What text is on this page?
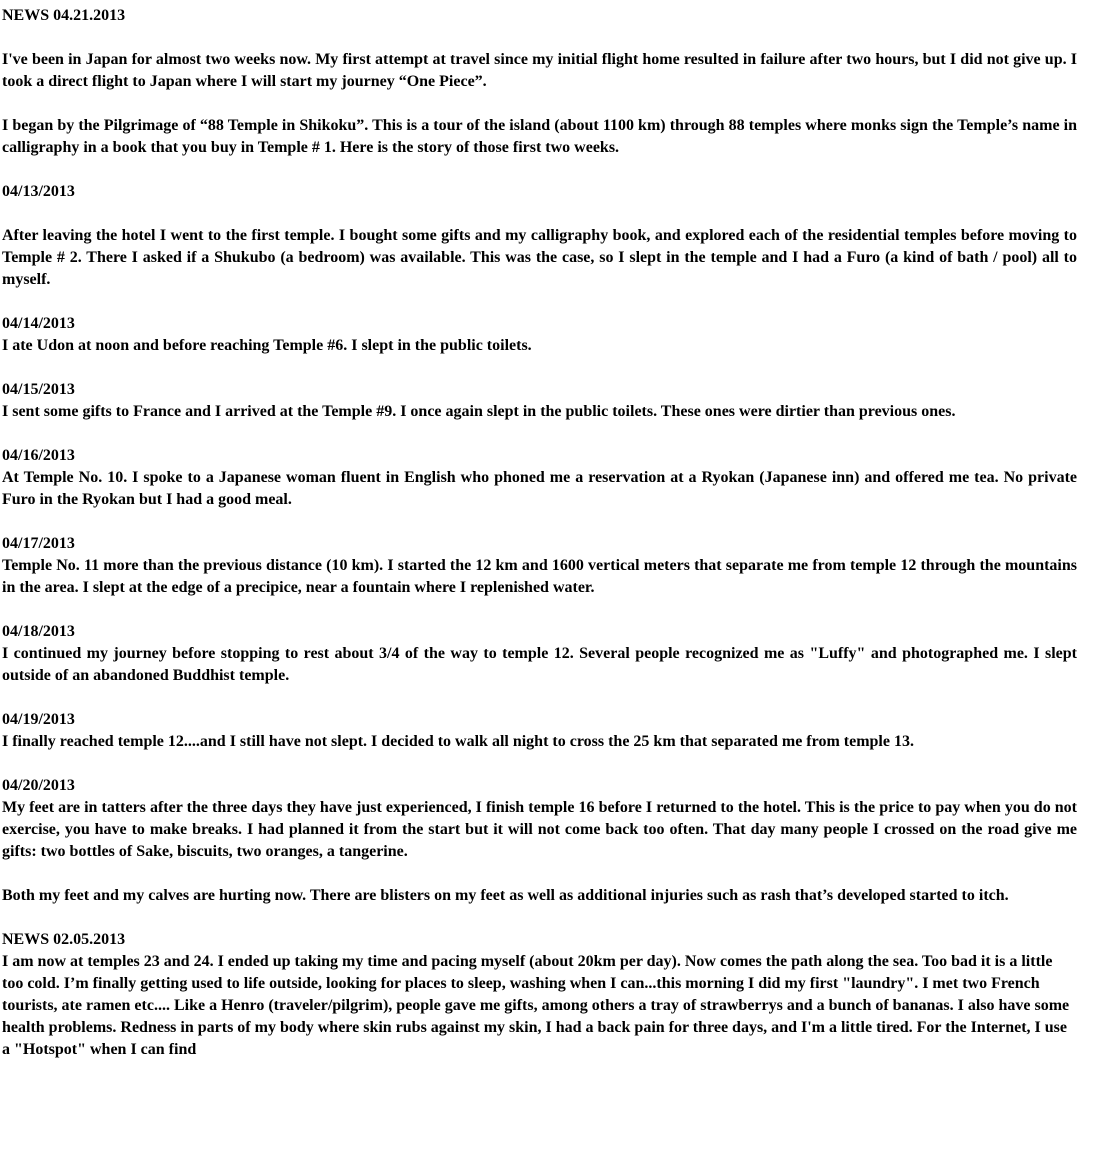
NEWS 04.21.2013
I've been in Japan for almost two weeks now. My first attempt at travel since my initial flight home resulted in failure after two hours, but I did not give up. I took a direct flight to Japan where I will start my journey “One Piece”.
I began by the Pilgrimage of “88 Temple in Shikoku”. This is a tour of the island (about 1100 km) through 88 temples where monks sign the Temple’s name in calligraphy in a book that you buy in Temple # 1. Here is the story of those first two weeks.
04/13/2013
After leaving the hotel I went to the first temple. I bought some gifts and my calligraphy book, and explored each of the residential temples before moving to Temple # 2. There I asked if a Shukubo (a bedroom) was available. This was the case, so I slept in the temple and I had a Furo (a kind of bath / pool) all to myself.
04/14/2013
I ate Udon at noon and before reaching Temple #6. I slept in the public toilets.
04/15/2013
I sent some gifts to France and I arrived at the Temple #9. I once again slept in the public toilets. These ones were dirtier than previous ones.
04/16/2013
At Temple No. 10. I spoke to a Japanese woman fluent in English who phoned me a reservation at a Ryokan (Japanese inn) and offered me tea. No private Furo in the Ryokan but I had a good meal.
04/17/2013
Temple No. 11 more than the previous distance (10 km). I started the 12 km and 1600 vertical meters that separate me from temple 12 through the mountains in the area. I slept at the edge of a precipice, near a fountain where I replenished water.
04/18/2013
I continued my journey before stopping to rest about 3/4 of the way to temple 12. Several people recognized me as "Luffy" and photographed me. I slept outside of an abandoned Buddhist temple.
04/19/2013
I finally reached temple 12....and I still have not slept. I decided to walk all night to cross the 25 km that separated me from temple 13.
04/20/2013
My feet are in tatters after the three days they have just experienced, I finish temple 16 before I returned to the hotel. This is the price to pay when you do not exercise, you have to make breaks. I had planned it from the start but it will not come back too often. That day many people I crossed on the road give me gifts: two bottles of Sake, biscuits, two oranges, a tangerine.
Both my feet and my calves are hurting now. There are blisters on my feet as well as additional injuries such as rash that’s developed started to itch.
NEWS 02.05.2013
I am now at temples 23 and 24. I ended up taking my time and pacing myself (about 20km per day). Now comes the path along the sea. Too bad it is a little too cold. I’m finally getting used to life outside, looking for places to sleep, washing when I can...this morning I did my first "laundry". I met two French tourists, ate ramen etc.... Like a Henro (traveler/pilgrim), people gave me gifts, among others a tray of strawberrys and a bunch of bananas. I also have some health problems. Redness in parts of my body where skin rubs against my skin, I had a back pain for three days, and I'm a little tired. For the Internet, I use a "Hotspot" when I can find
